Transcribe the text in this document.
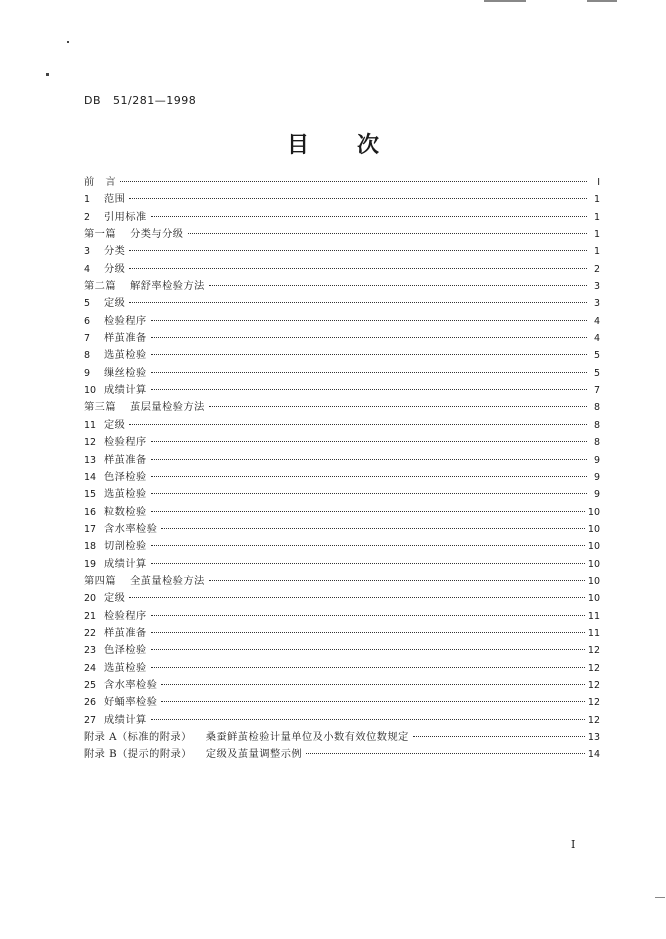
DB 51/281—1998
目 次
前　言	I
1	范围	1
2	引用标准	1
第一篇 分类与分级	1
3	分类	1
4	分级	2
第二篇 解舒率检验方法	3
5	定级	3
6	检验程序	4
7	样茧准备	4
8	选茧检验	5
9	缫丝检验	5
10 成绩计算	7
第三篇 茧层量检验方法	8
11 定级	8
12 检验程序	8
13 样茧准备	9
14 色泽检验	9
15 选茧检验	9
16 粒数检验	10
17 含水率检验	10
18 切剖检验	10
19 成绩计算	10
第四篇 全茧量检验方法	10
20 定级	10
21 检验程序	11
22 样茧准备	11
23 色泽检验	12
24 选茧检验	12
25 含水率检验	12
26 好蛹率检验	12
27 成绩计算	12
附录 A（标准的附录） 桑蚕鲜茧检验计量单位及小数有效位数规定	13
附录 B（提示的附录） 定级及茧量调整示例	14
I
